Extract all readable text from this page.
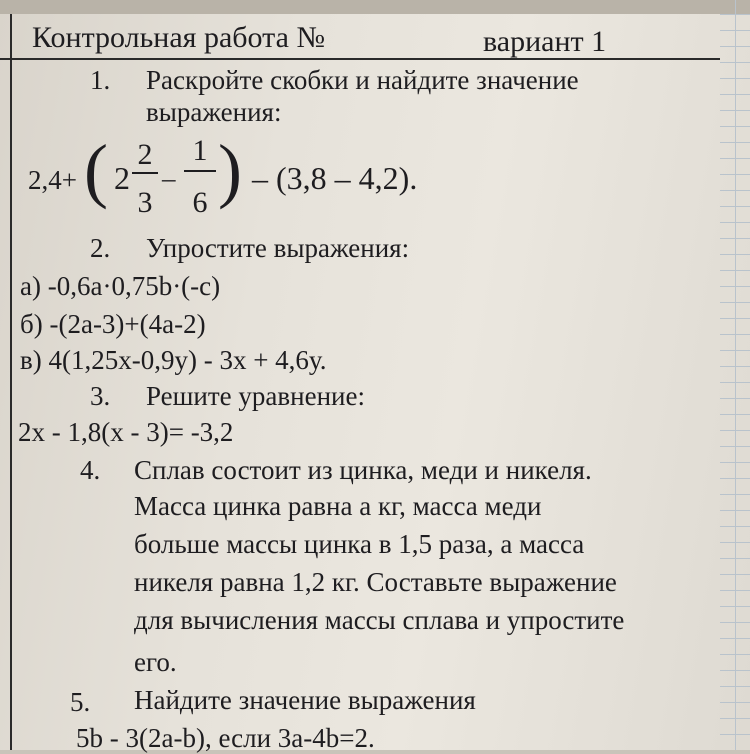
Контрольная работа №	вариант 1
1. Раскройте скобки и найдите значение
выражения:
2,4+ ( 2
2
3
–
1
6 ) – (3,8 – 4,2).
2. Упростите выражения:
а) -0,6а·0,75b·(-с)
б) -(2а-3)+(4а-2)
в) 4(1,25х-0,9у) - 3х + 4,6у.
3. Решите уравнение:
2х - 1,8(х - 3)= -3,2
4. Сплав состоит из цинка, меди и никеля.
Масса цинка равна а кг, масса меди
больше массы цинка в 1,5 раза, а масса
никеля равна 1,2 кг. Составьте выражение
для вычисления массы сплава и упростите
его.
5. Найдите значение выражения
5b - 3(2a-b), если 3a-4b=2.
